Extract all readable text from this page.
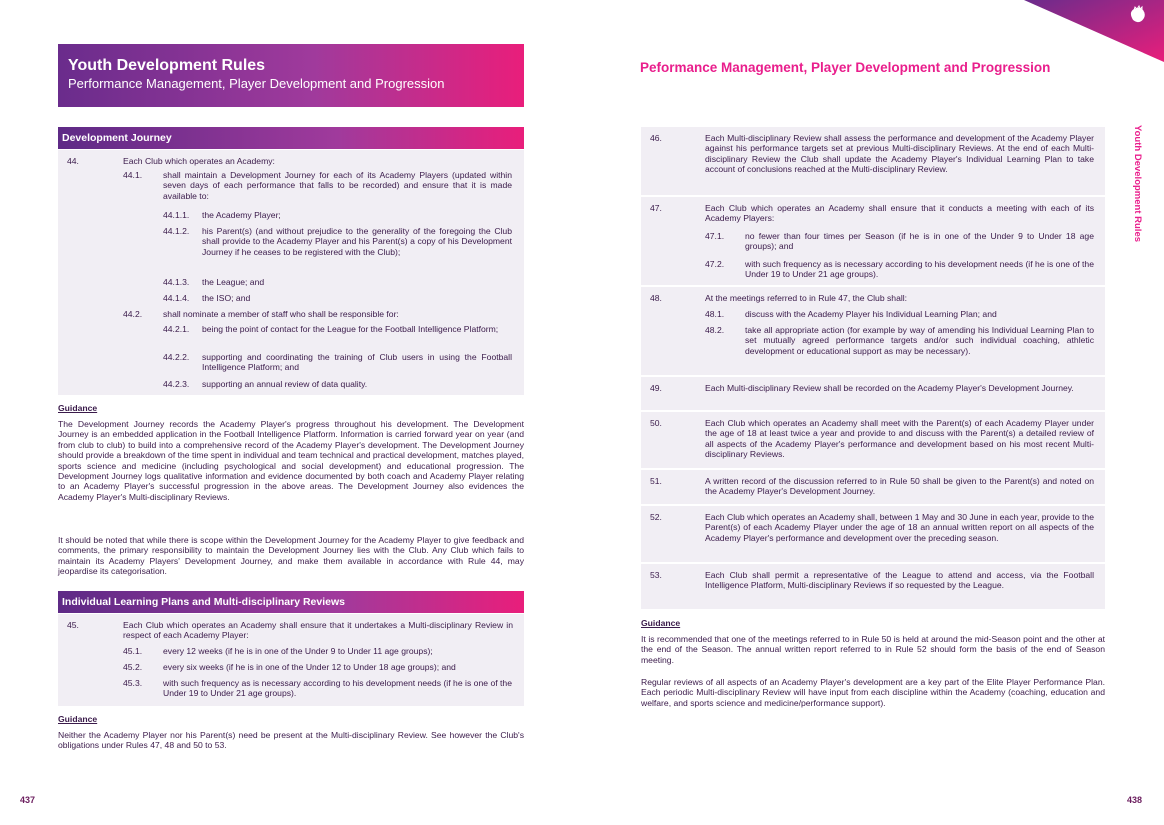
Youth Development Rules
Performance Management, Player Development and Progression
Development Journey
44.	Each Club which operates an Academy:
44.1. shall maintain a Development Journey for each of its Academy Players (updated within seven days of each performance that falls to be recorded) and ensure that it is made available to:
44.1.1. the Academy Player;
44.1.2. his Parent(s) (and without prejudice to the generality of the foregoing the Club shall provide to the Academy Player and his Parent(s) a copy of his Development Journey if he ceases to be registered with the Club);
44.1.3. the League; and
44.1.4. the ISO; and
44.2. shall nominate a member of staff who shall be responsible for:
44.2.1. being the point of contact for the League for the Football Intelligence Platform;
44.2.2. supporting and coordinating the training of Club users in using the Football Intelligence Platform; and
44.2.3. supporting an annual review of data quality.
Guidance
The Development Journey records the Academy Player's progress throughout his development. The Development Journey is an embedded application in the Football Intelligence Platform. Information is carried forward year on year (and from club to club) to build into a comprehensive record of the Academy Player's development. The Development Journey should provide a breakdown of the time spent in individual and team technical and practical development, matches played, sports science and medicine (including psychological and social development) and educational progression. The Development Journey logs qualitative information and evidence documented by both coach and Academy Player relating to an Academy Player's successful progression in the above areas. The Development Journey also evidences the Academy Player's Multi-disciplinary Reviews.
It should be noted that while there is scope within the Development Journey for the Academy Player to give feedback and comments, the primary responsibility to maintain the Development Journey lies with the Club. Any Club which fails to maintain its Academy Players' Development Journey, and make them available in accordance with Rule 44, may jeopardise its categorisation.
Individual Learning Plans and Multi-disciplinary Reviews
45.	Each Club which operates an Academy shall ensure that it undertakes a Multi-disciplinary Review in respect of each Academy Player:
45.1. every 12 weeks (if he is in one of the Under 9 to Under 11 age groups);
45.2. every six weeks (if he is in one of the Under 12 to Under 18 age groups); and
45.3. with such frequency as is necessary according to his development needs (if he is one of the Under 19 to Under 21 age groups).
Guidance
Neither the Academy Player nor his Parent(s) need be present at the Multi-disciplinary Review. See however the Club's obligations under Rules 47, 48 and 50 to 53.
437
Peformance Management, Player Development and Progression
Youth Development Rules
46.	Each Multi-disciplinary Review shall assess the performance and development of the Academy Player against his performance targets set at previous Multi-disciplinary Reviews. At the end of each Multi-disciplinary Review the Club shall update the Academy Player's Individual Learning Plan to take account of conclusions reached at the Multi-disciplinary Review.
47.	Each Club which operates an Academy shall ensure that it conducts a meeting with each of its Academy Players:
47.1. no fewer than four times per Season (if he is in one of the Under 9 to Under 18 age groups); and
47.2. with such frequency as is necessary according to his development needs (if he is one of the Under 19 to Under 21 age groups).
48.	At the meetings referred to in Rule 47, the Club shall:
48.1. discuss with the Academy Player his Individual Learning Plan; and
48.2. take all appropriate action (for example by way of amending his Individual Learning Plan to set mutually agreed performance targets and/or such individual coaching, athletic development or educational support as may be necessary).
49.	Each Multi-disciplinary Review shall be recorded on the Academy Player's Development Journey.
50.	Each Club which operates an Academy shall meet with the Parent(s) of each Academy Player under the age of 18 at least twice a year and provide to and discuss with the Parent(s) a detailed review of all aspects of the Academy Player's performance and development based on his most recent Multi-disciplinary Reviews.
51.	A written record of the discussion referred to in Rule 50 shall be given to the Parent(s) and noted on the Academy Player's Development Journey.
52.	Each Club which operates an Academy shall, between 1 May and 30 June in each year, provide to the Parent(s) of each Academy Player under the age of 18 an annual written report on all aspects of the Academy Player's performance and development over the preceding season.
53.	Each Club shall permit a representative of the League to attend and access, via the Football Intelligence Platform, Multi-disciplinary Reviews if so requested by the League.
Guidance
It is recommended that one of the meetings referred to in Rule 50 is held at around the mid-Season point and the other at the end of the Season. The annual written report referred to in Rule 52 should form the basis of the end of Season meeting.
Regular reviews of all aspects of an Academy Player's development are a key part of the Elite Player Performance Plan. Each periodic Multi-disciplinary Review will have input from each discipline within the Academy (coaching, education and welfare, and sports science and medicine/performance support).
438
